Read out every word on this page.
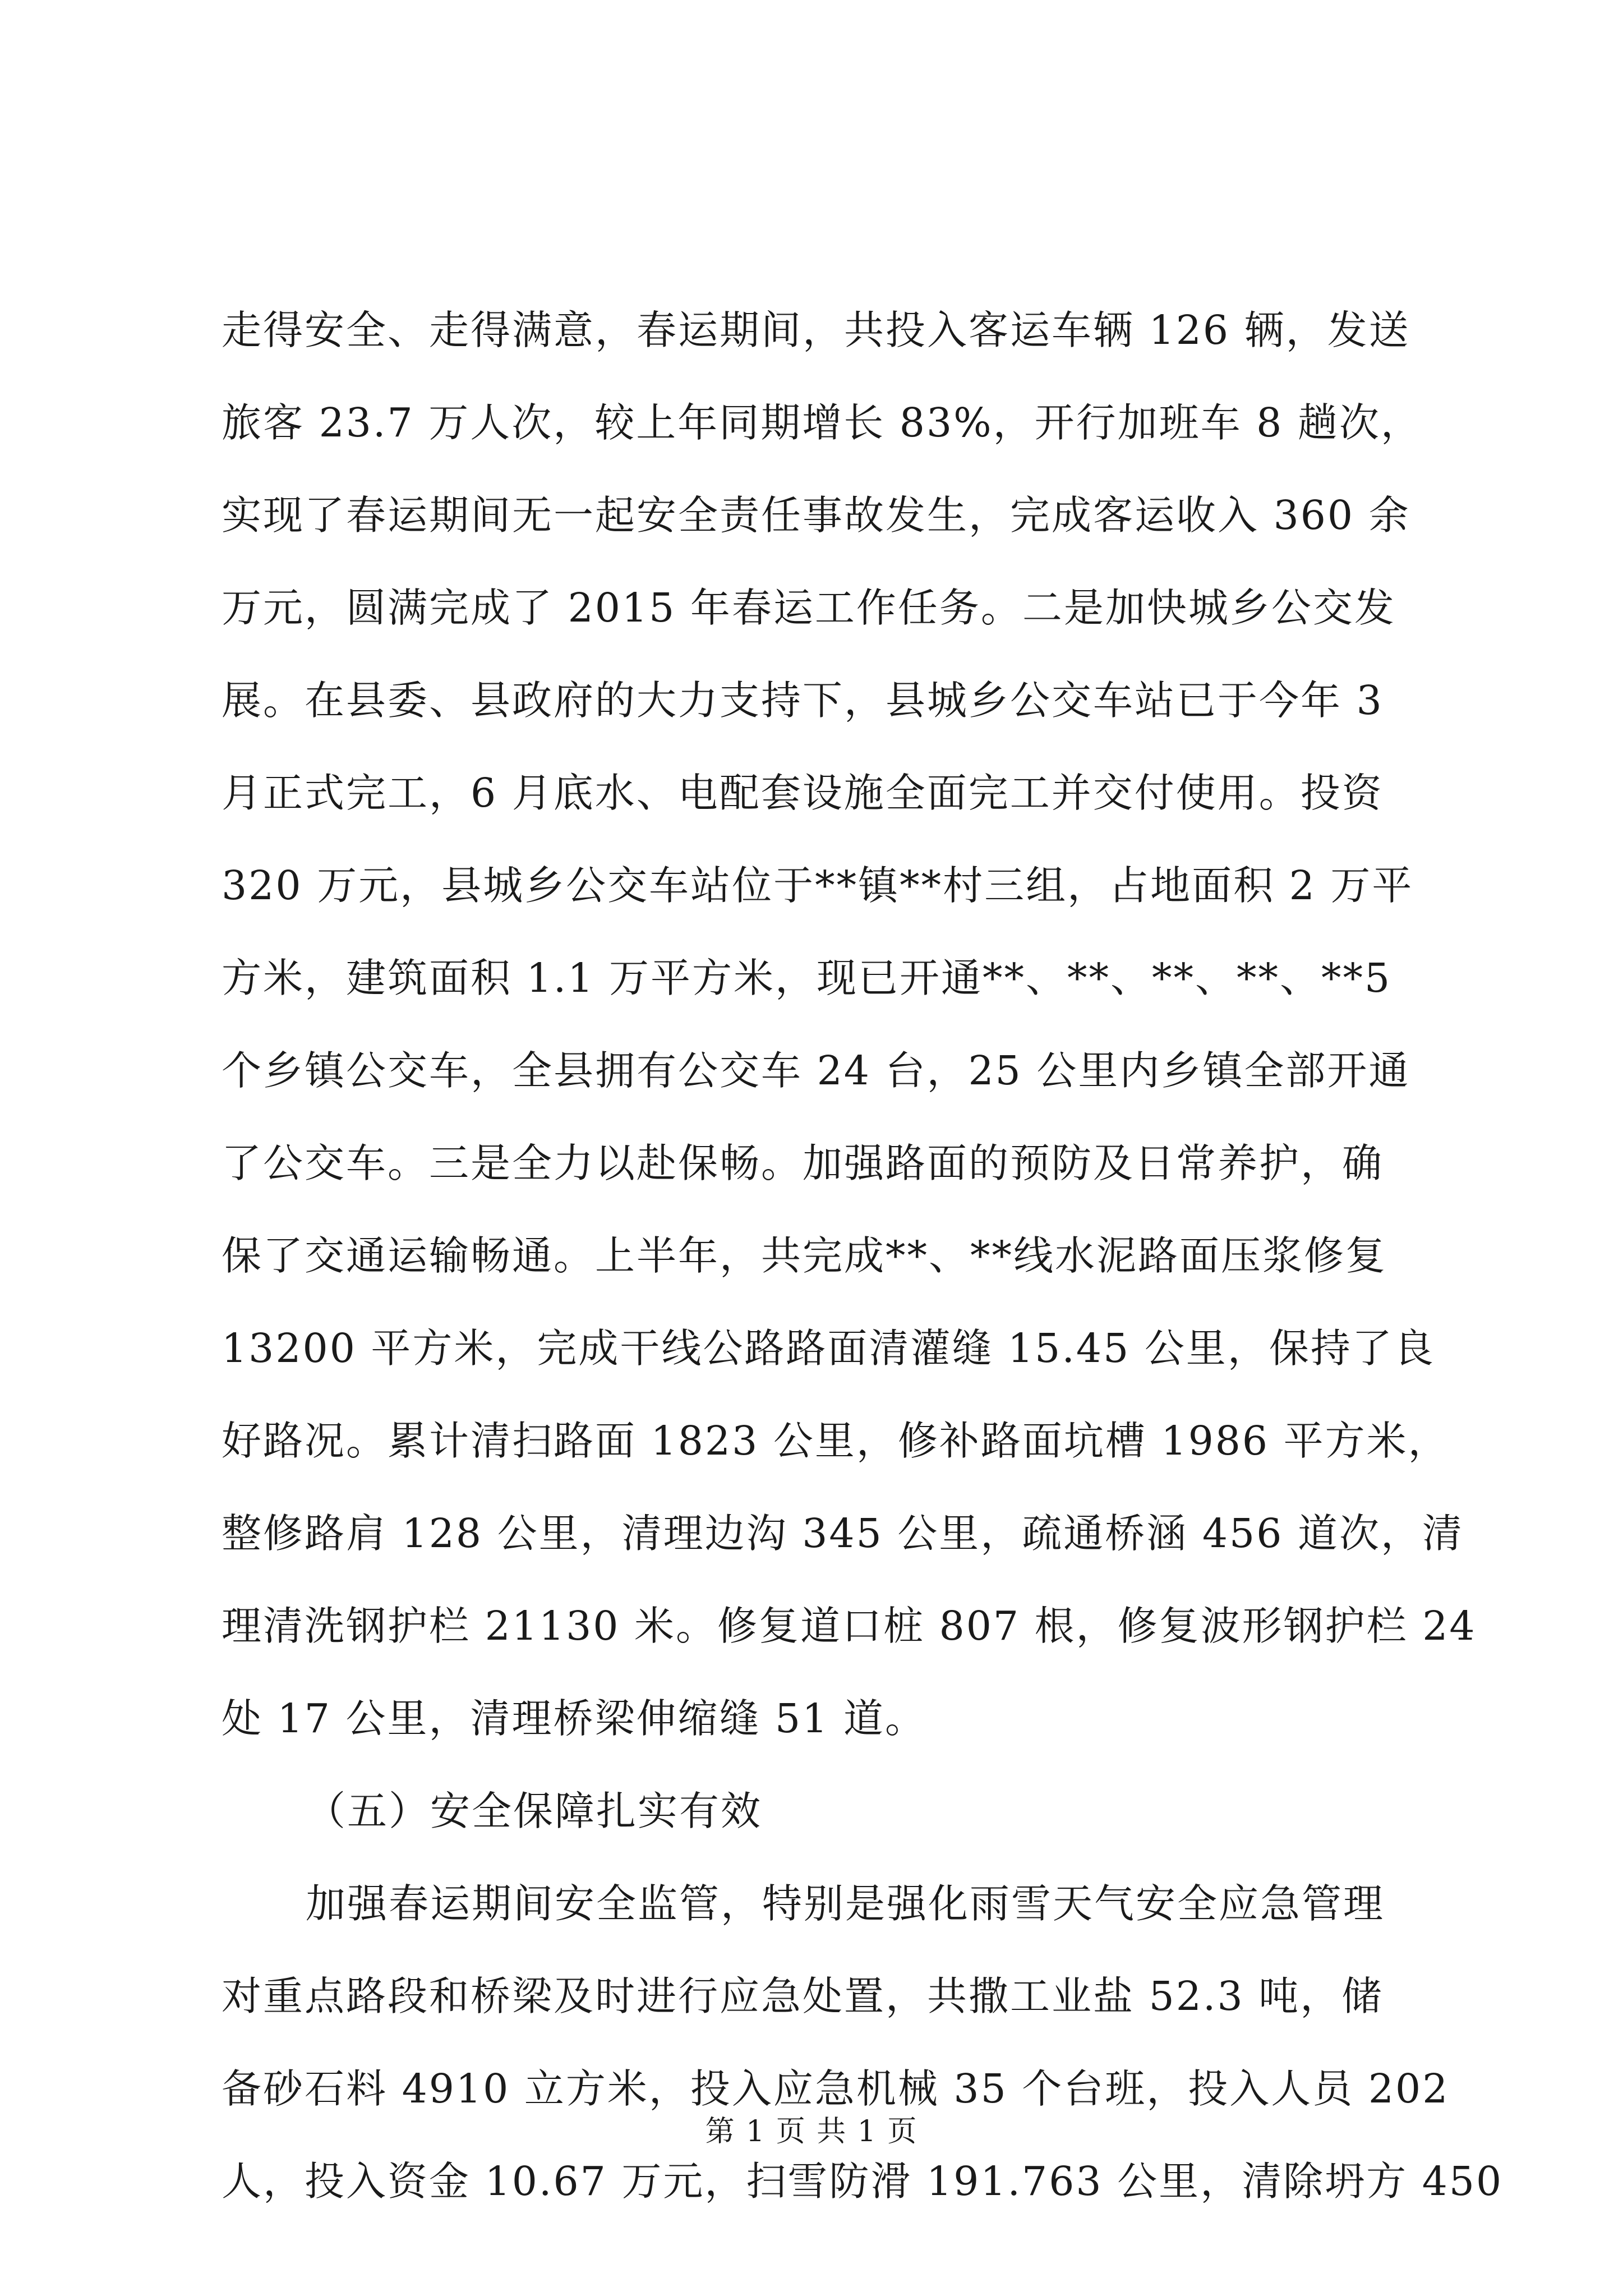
走得安全、走得满意，春运期间，共投入客运车辆 126 辆，发送
旅客 23.7 万人次，较上年同期增长 83%，开行加班车 8 趟次，
实现了春运期间无一起安全责任事故发生，完成客运收入 360 余
万元，圆满完成了 2015 年春运工作任务。二是加快城乡公交发
展。在县委、县政府的大力支持下，县城乡公交车站已于今年 3
月正式完工，6 月底水、电配套设施全面完工并交付使用。投资
320 万元，县城乡公交车站位于**镇**村三组，占地面积 2 万平
方米，建筑面积 1.1 万平方米，现已开通**、**、**、**、**5
个乡镇公交车，全县拥有公交车 24 台，25 公里内乡镇全部开通
了公交车。三是全力以赴保畅。加强路面的预防及日常养护，确
保了交通运输畅通。上半年，共完成**、**线水泥路面压浆修复
13200 平方米，完成干线公路路面清灌缝 15.45 公里，保持了良
好路况。累计清扫路面 1823 公里，修补路面坑槽 1986 平方米，
整修路肩 128 公里，清理边沟 345 公里，疏通桥涵 456 道次，清
理清洗钢护栏 21130 米。修复道口桩 807 根，修复波形钢护栏 24
处 17 公里，清理桥梁伸缩缝 51 道。
（五）安全保障扎实有效
加强春运期间安全监管，特别是强化雨雪天气安全应急管理
对重点路段和桥梁及时进行应急处置，共撒工业盐 52.3 吨，储
备砂石料 4910 立方米，投入应急机械 35 个台班，投入人员 202
人，投入资金 10.67 万元，扫雪防滑 191.763 公里，清除坍方 450
第 1 页 共 1 页
